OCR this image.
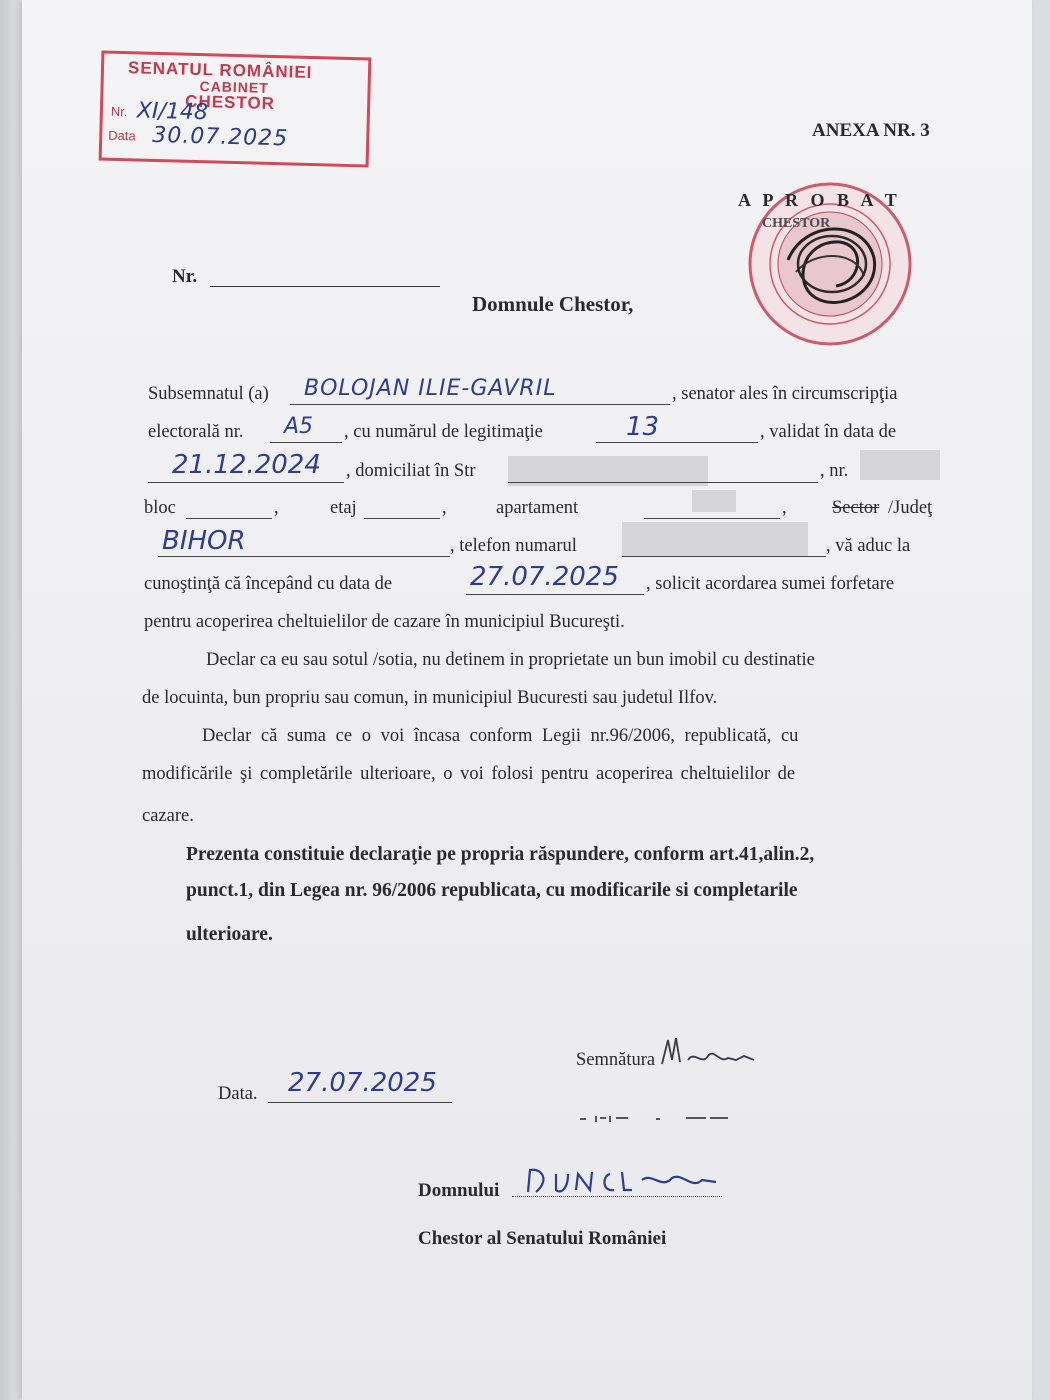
SENATUL ROMÂNIEI
CABINET
CHESTOR
Nr. XI/148
Data 30.07.2025	ANEXA NR. 3
A P R O B A T
CHESTOR
Nr.
Domnule Chestor,
Subsemnatul (a) BOLOJAN ILIE-GAVRIL	, senator ales în circumscripţia
electorală nr. A5 , cu numărul de legitimaţie	13	, validat în data de
21.12.2024 , domiciliat în Str	, nr.
bloc	,	etaj	,	apartament	, Sector /Judeţ
BIHOR	, telefon numarul	, vă aduc la
cunoştinţă că începând cu data de	27.07.2025 , solicit acordarea sumei forfetare
pentru acoperirea cheltuielilor de cazare în municipiul Bucureşti.
Declar ca eu sau sotul /sotia, nu detinem in proprietate un bun imobil cu destinatie
de locuinta, bun propriu sau comun, in municipiul Bucuresti sau judetul Ilfov.
Declar că suma ce o voi încasa conform Legii nr.96/2006, republicată, cu
modificările şi completările ulterioare, o voi folosi pentru acoperirea cheltuielilor de
cazare.
Prezenta constituie declaraţie pe propria răspundere, conform art.41,alin.2,
punct.1, din Legea nr. 96/2006 republicata, cu modificarile si completarile
ulterioare.
Semnătura
Data. 27.07.2025
Domnului
Chestor al Senatului României
